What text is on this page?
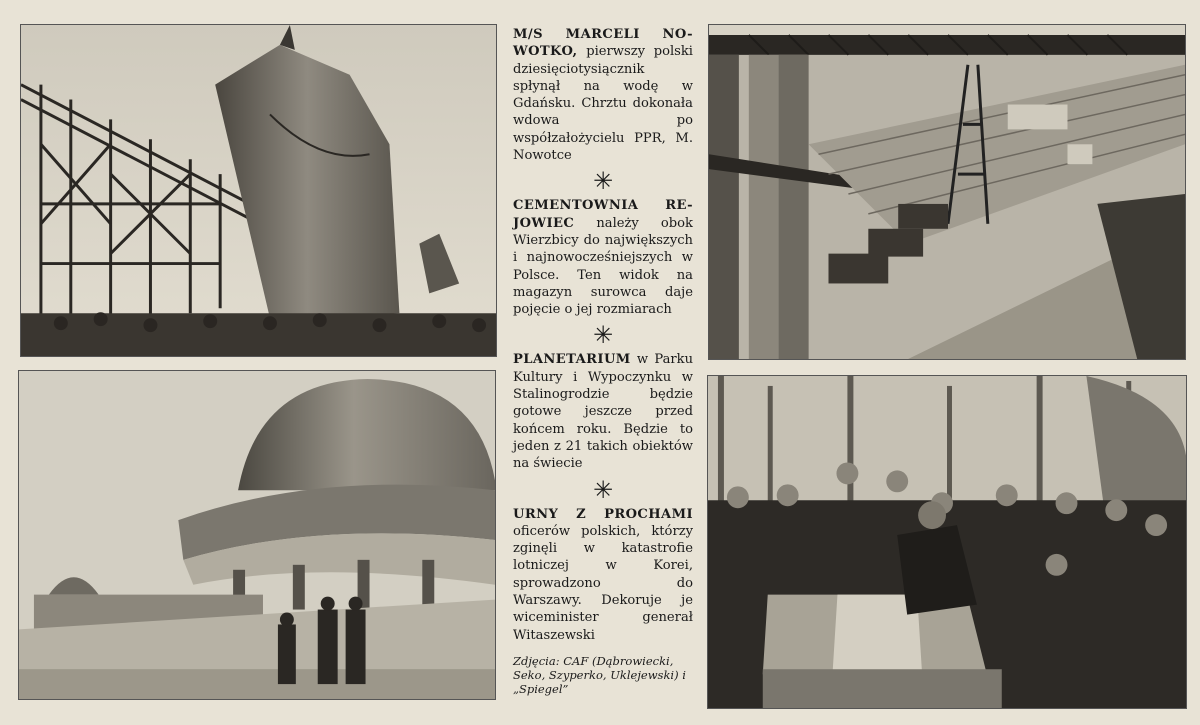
M/S MARCELI NO-WOTKO, pierwszy polski dziesięciotysiącznik spłynął na wodę w Gdańsku. Chrztu dokonała wdowa po współzałożycielu PPR, M. Nowotce

✳

CEMENTOWNIA RE-JOWIEC należy obok Wierzbicy do największych i najnowocześniejszych w Polsce. Ten widok na magazyn surowca daje pojęcie o jej rozmiarach

✳

PLANETARIUM w Parku Kultury i Wypoczynku w Stalinogrodzie będzie gotowe jeszcze przed końcem roku. Będzie to jeden z 21 takich obiektów na świecie

✳

URNY Z PROCHAMI oficerów polskich, którzy zginęli w katastrofie lotniczej w Korei, sprowadzono do Warszawy. Dekoruje je wiceminister generał Witaszewski

Zdjęcia: CAF (Dąbrowiecki, Seko, Szyperko, Uklejewski) i „Spiegel”
